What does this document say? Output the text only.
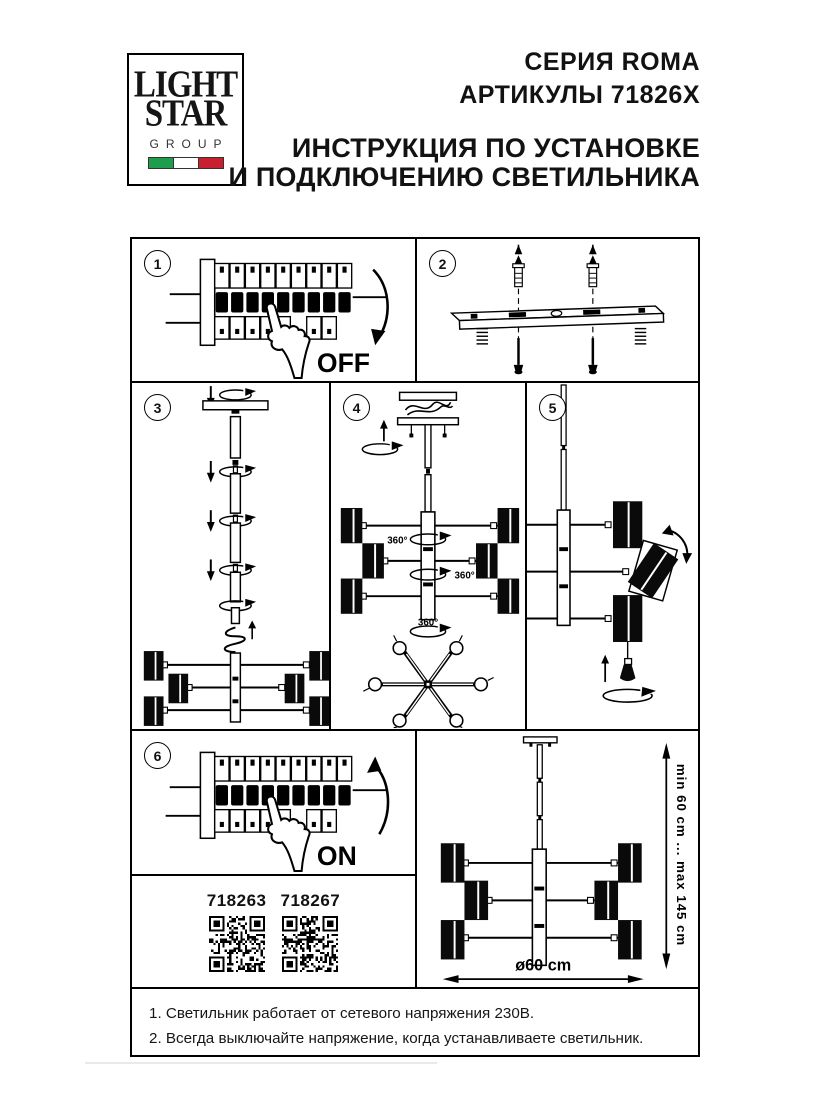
LIGHT
STAR
GROUP
СЕРИЯ ROMA
АРТИКУЛЫ 71826X
ИНСТРУКЦИЯ ПО УСТАНОВКЕ
И ПОДКЛЮЧЕНИЮ СВЕТИЛЬНИКА
1
OFF
2
3	4
360°
360°
360°
5
6
ON
718263 718267	min 60 cm ... max 145 cm
ø60 cm
1. Светильник работает от сетевого напряжения 230В.
2. Всегда выключайте напряжение, когда устанавливаете светильник.
